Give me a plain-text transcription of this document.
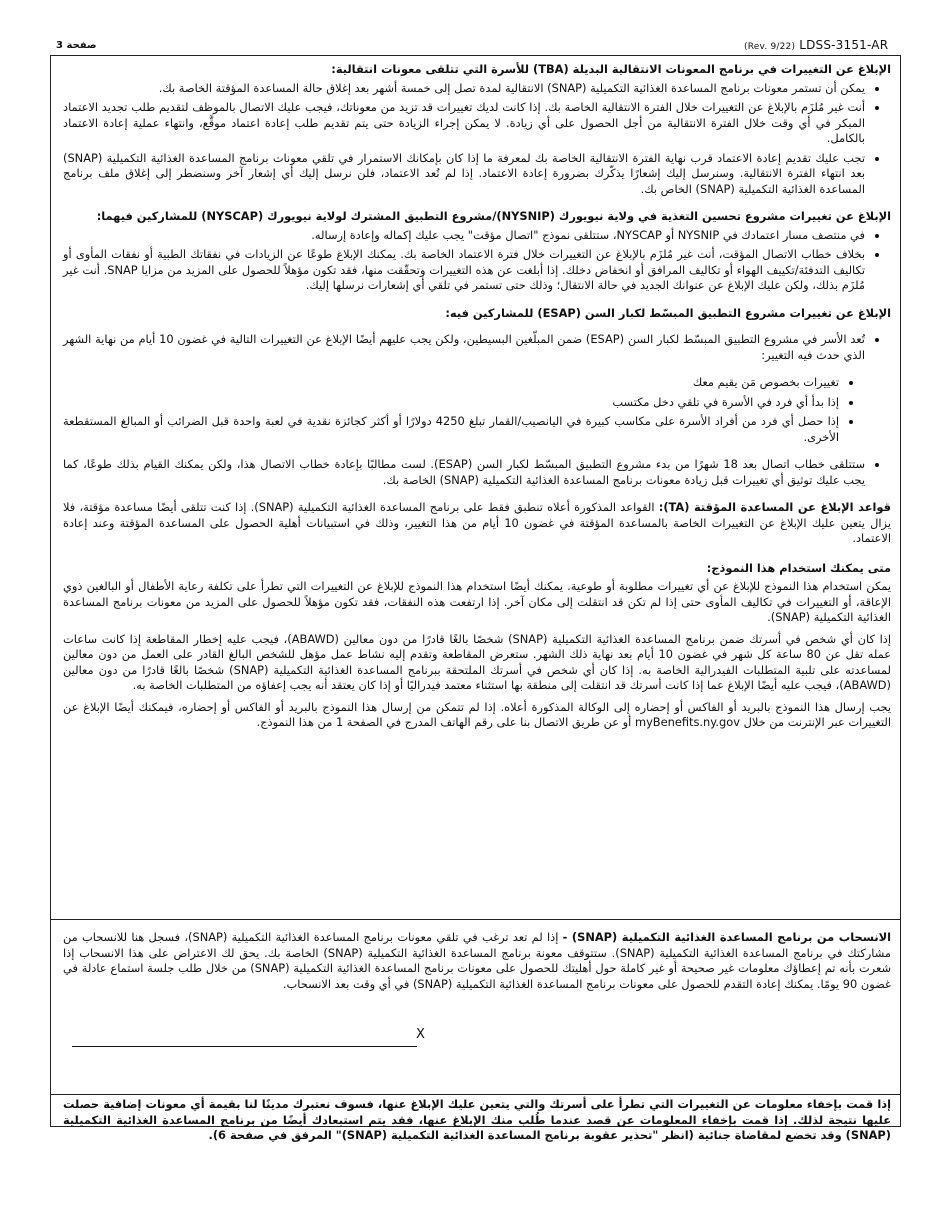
صفحة 3	(Rev. 9/22) LDSS-3151-AR
الإبلاغ عن التغييرات في برنامج المعونات الانتقالية البديلة (TBA) للأسرة التي تتلقى معونات انتقالية:
• يمكن أن تستمر معونات برنامج المساعدة الغذائية التكميلية (SNAP) الانتقالية لمدة تصل إلى خمسة أشهر بعد إغلاق حالة المساعدة المؤقتة الخاصة بك.
• أنت غير مُلزَم بالإبلاغ عن التغييرات خلال الفترة الانتقالية الخاصة بك. إذا كانت لديك تغييرات قد تزيد من معوناتك، فيجب عليك الاتصال بالموظف لتقديم طلب تجديد الاعتماد المبكر في أي وقت خلال الفترة الانتقالية من أجل الحصول على أي زيادة. لا يمكن إجراء الزيادة حتى يتم تقديم طلب إعادة اعتماد موقَّع، وانتهاء عملية إعادة الاعتماد بالكامل.
• تجب عليك تقديم إعادة الاعتماد قرب نهاية الفترة الانتقالية الخاصة بك لمعرفة ما إذا كان بإمكانك الاستمرار في تلقي معونات برنامج المساعدة الغذائية التكميلية (SNAP) بعد انتهاء الفترة الانتقالية. وسنرسل إليك إشعارًا يذكّرك بضرورة إعادة الاعتماد. إذا لم تُعد الاعتماد، فلن نرسل إليك أي إشعار آخر وسنضطر إلى إغلاق ملف برنامج المساعدة الغذائية التكميلية (SNAP) الخاص بك.
الإبلاغ عن تغييرات مشروع تحسين التغذية في ولاية نيويورك (NYSNIP)/مشروع التطبيق المشترك لولاية نيويورك (NYSCAP) للمشاركين فيهما:
• في منتصف مسار اعتمادك في NYSNIP أو NYSCAP، ستتلقى نموذج "اتصال مؤقت" يجب عليك إكماله وإعادة إرساله.
• بخلاف خطاب الاتصال المؤقت، أنت غير مُلزَم بالإبلاغ عن التغييرات خلال فترة الاعتماد الخاصة بك. يمكنك الإبلاغ طوعًا عن الزيادات في نفقاتك الطبية أو نفقات المأوى أو تكاليف التدفئة/تكييف الهواء أو تكاليف المرافق أو انخفاض دخلك. إذا أبلغت عن هذه التغييرات وتحقّقت منها، فقد تكون مؤهلاً للحصول على المزيد من مزايا SNAP. أنت غير مُلزَم بذلك، ولكن عليك الإبلاغ عن عنوانك الجديد في حالة الانتقال؛ وذلك حتى تستمر في تلقي أي إشعارات نرسلها إليك.
الإبلاغ عن تغييرات مشروع التطبيق المبسّط لكبار السن (ESAP) للمشاركين فيه:
• تُعد الأسر في مشروع التطبيق المبسّط لكبار السن (ESAP) ضمن المبلّغين البسيطين، ولكن يجب عليهم أيضًا الإبلاغ عن التغييرات التالية في غضون 10 أيام من نهاية الشهر الذي حدث فيه التغيير:
• تغييرات بخصوص مَن يقيم معك
• إذا بدأ أي فرد في الأسرة في تلقي دخل مكتسب
• إذا حصل أي فرد من أفراد الأسرة على مكاسب كبيرة في اليانصيب/القمار تبلغ 4250 دولارًا أو أكثر كجائزة نقدية في لعبة واحدة قبل الضرائب أو المبالغ المستقطعة الأخرى.
• ستتلقى خطاب اتصال بعد 18 شهرًا من بدء مشروع التطبيق المبسّط لكبار السن (ESAP). لست مطالبًا بإعادة خطاب الاتصال هذا، ولكن يمكنك القيام بذلك طوعًا، كما يجب عليك توثيق أي تغييرات قبل زيادة معونات برنامج المساعدة الغذائية التكميلية (SNAP) الخاصة بك.

قواعد الإبلاغ عن المساعدة المؤقتة (TA): القواعد المذكورة أعلاه تنطبق فقط على برنامج المساعدة الغذائية التكميلية (SNAP). إذا كنت تتلقى أيضًا مساعدة مؤقتة، فلا يزال يتعين عليك الإبلاغ عن التغييرات الخاصة بالمساعدة المؤقتة في غضون 10 أيام من هذا التغيير، وذلك في استبيانات أهلية الحصول على المساعدة المؤقتة وعند إعادة الاعتماد.

متى يمكنك استخدام هذا النموذج:

يمكن استخدام هذا النموذج للإبلاغ عن أي تغييرات مطلوبة أو طوعية. يمكنك أيضًا استخدام هذا النموذج للإبلاغ عن التغييرات التي تطرأ على تكلفة رعاية الأطفال أو البالغين ذوي الإعاقة، أو التغييرات في تكاليف المأوى حتى إذا لم تكن قد انتقلت إلى مكان آخر. إذا ارتفعت هذه النفقات، فقد تكون مؤهلاً للحصول على المزيد من معونات برنامج المساعدة الغذائية التكميلية (SNAP).

إذا كان أي شخص في أسرتك ضمن برنامج المساعدة الغذائية التكميلية (SNAP) شخصًا بالغًا قادرًا من دون معالين (ABAWD)، فيجب عليه إخطار المقاطعة إذا كانت ساعات عمله تقل عن 80 ساعة كل شهر في غضون 10 أيام بعد نهاية ذلك الشهر. ستعرض المقاطعة وتقدم إليه نشاط عمل مؤهل للشخص البالغ القادر على العمل من دون معالين لمساعدته على تلبية المتطلبات الفيدرالية الخاصة به. إذا كان أي شخص في أسرتك الملتحقة ببرنامج المساعدة الغذائية التكميلية (SNAP) شخصًا بالغًا قادرًا من دون معالين (ABAWD)، فيجب عليه أيضًا الإبلاغ عما إذا كانت أسرتك قد انتقلت إلى منطقة بها استثناء معتمد فيدراليًا أو إذا كان يعتقد أنه يجب إعفاؤه من المتطلبات الخاصة به.

يجب إرسال هذا النموذج بالبريد أو الفاكس أو إحضاره إلى الوكالة المذكورة أعلاه. إذا لم تتمكن من إرسال هذا النموذج بالبريد أو الفاكس أو إحضاره، فيمكنك أيضًا الإبلاغ عن التغييرات عبر الإنترنت من خلال myBenefits.ny.gov أو عن طريق الاتصال بنا على رقم الهاتف المدرج في الصفحة 1 من هذا النموذج.

الانسحاب من برنامج المساعدة الغذائية التكميلية (SNAP) - إذا لم تعد ترغب في تلقي معونات برنامج المساعدة الغذائية التكميلية (SNAP)، فسجل هنا للانسحاب من مشاركتك في برنامج المساعدة الغذائية التكميلية (SNAP). ستتوقف معونة برنامج المساعدة الغذائية التكميلية (SNAP) الخاصة بك. يحق لك الاعتراض على هذا الانسحاب إذا شعرت بأنه تم إعطاؤك معلومات غير صحيحة أو غير كاملة حول أهليتك للحصول على معونات برنامج المساعدة الغذائية التكميلية (SNAP) من خلال طلب جلسة استماع عادلة في غضون 90 يومًا. يمكنك إعادة التقدم للحصول على معونات برنامج المساعدة الغذائية التكميلية (SNAP) في أي وقت بعد الانسحاب.
X
إذا قمت بإخفاء معلومات عن التغييرات التي تطرأ على أسرتك والتي يتعين عليك الإبلاغ عنها، فسوف نعتبرك مدينًا لنا بقيمة أي معونات إضافية حصلت عليها نتيجة لذلك. إذا قمت بإخفاء المعلومات عن قصد عندما طُلب منك الإبلاغ عنها، فقد يتم استبعادك أيضًا من برنامج المساعدة الغذائية التكميلية (SNAP) وقد تخضع لمقاضاة جنائية (انظر "تحذير عقوبة برنامج المساعدة الغذائية التكميلية (SNAP)" المرفق في صفحة 6).
